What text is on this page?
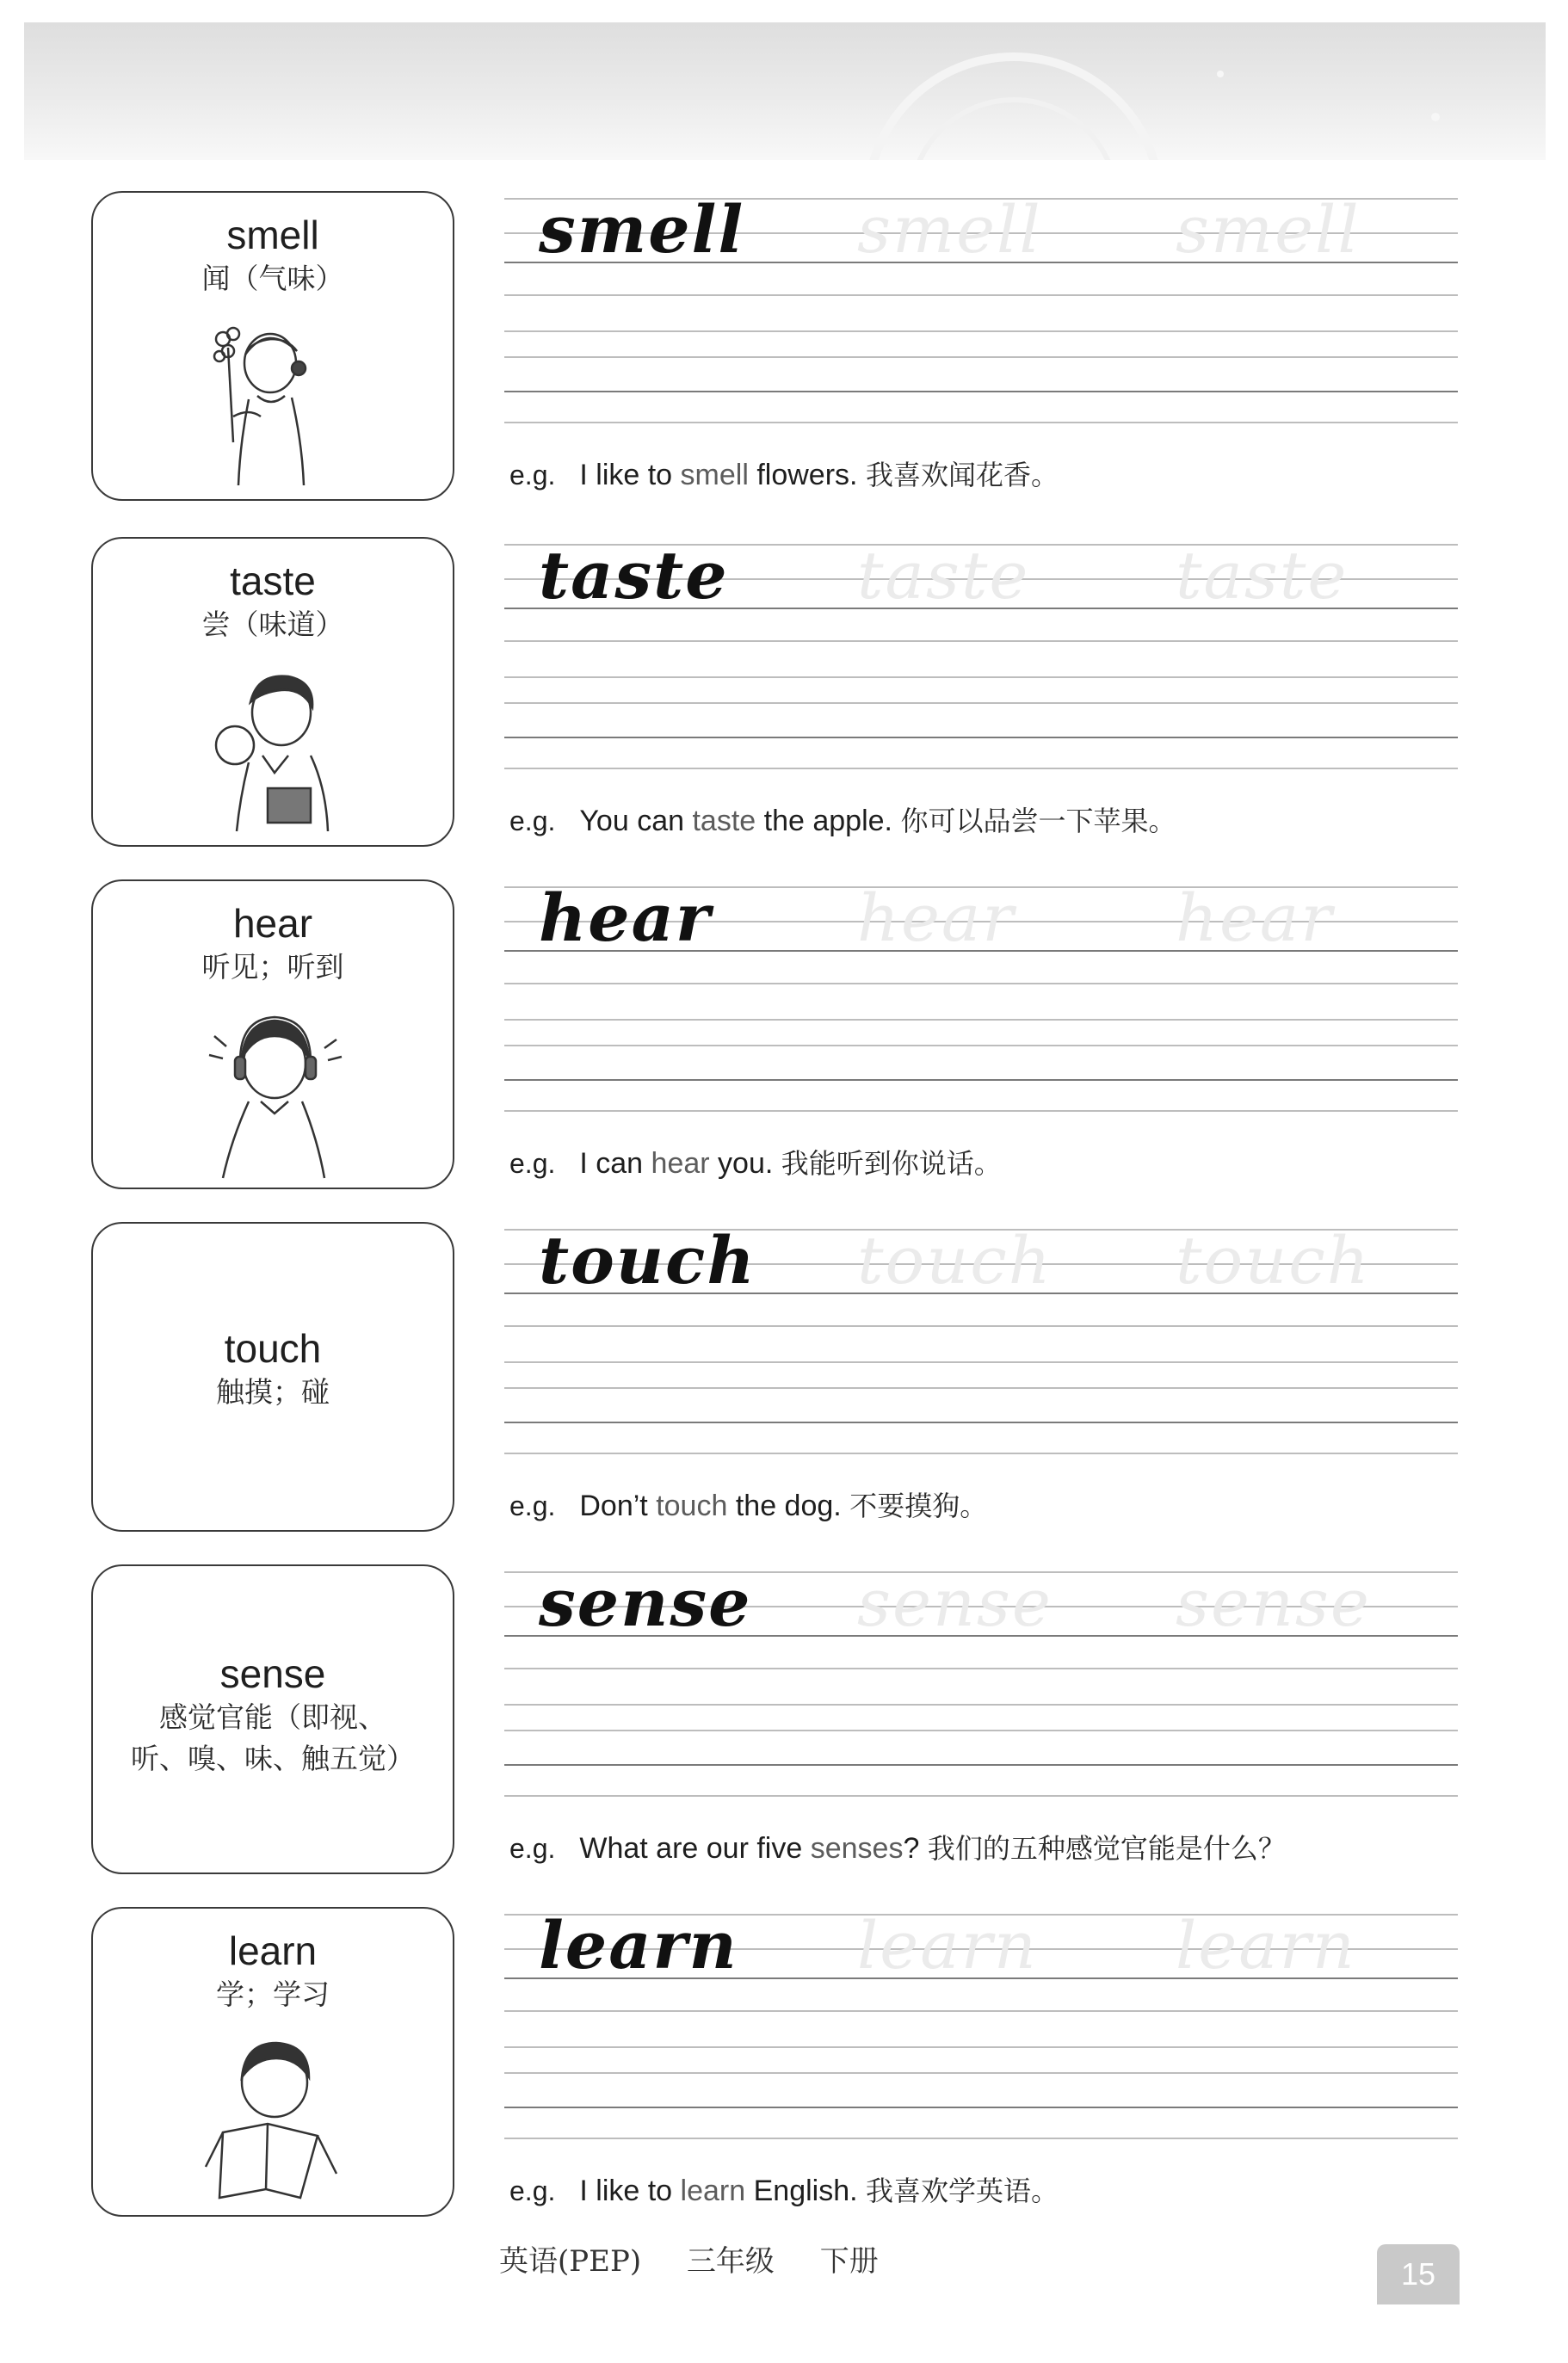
smell
闻（气味）
smell smell smell
e.g. I like to smell flowers. 我喜欢闻花香。
taste
尝（味道）
taste taste taste
e.g. You can taste the apple. 你可以品尝一下苹果。
hear
听见；听到
hear hear hear
e.g. I can hear you. 我能听到你说话。
touch
触摸；碰
touch touch touch
e.g. Don’t touch the dog. 不要摸狗。
sense
感觉官能（即视、
听、嗅、味、触五觉）
sense sense sense
e.g. What are our five senses? 我们的五种感觉官能是什么？
learn
学；学习
learn learn learn
e.g. I like to learn English. 我喜欢学英语。
英语(PEP) 三年级 下册	15
